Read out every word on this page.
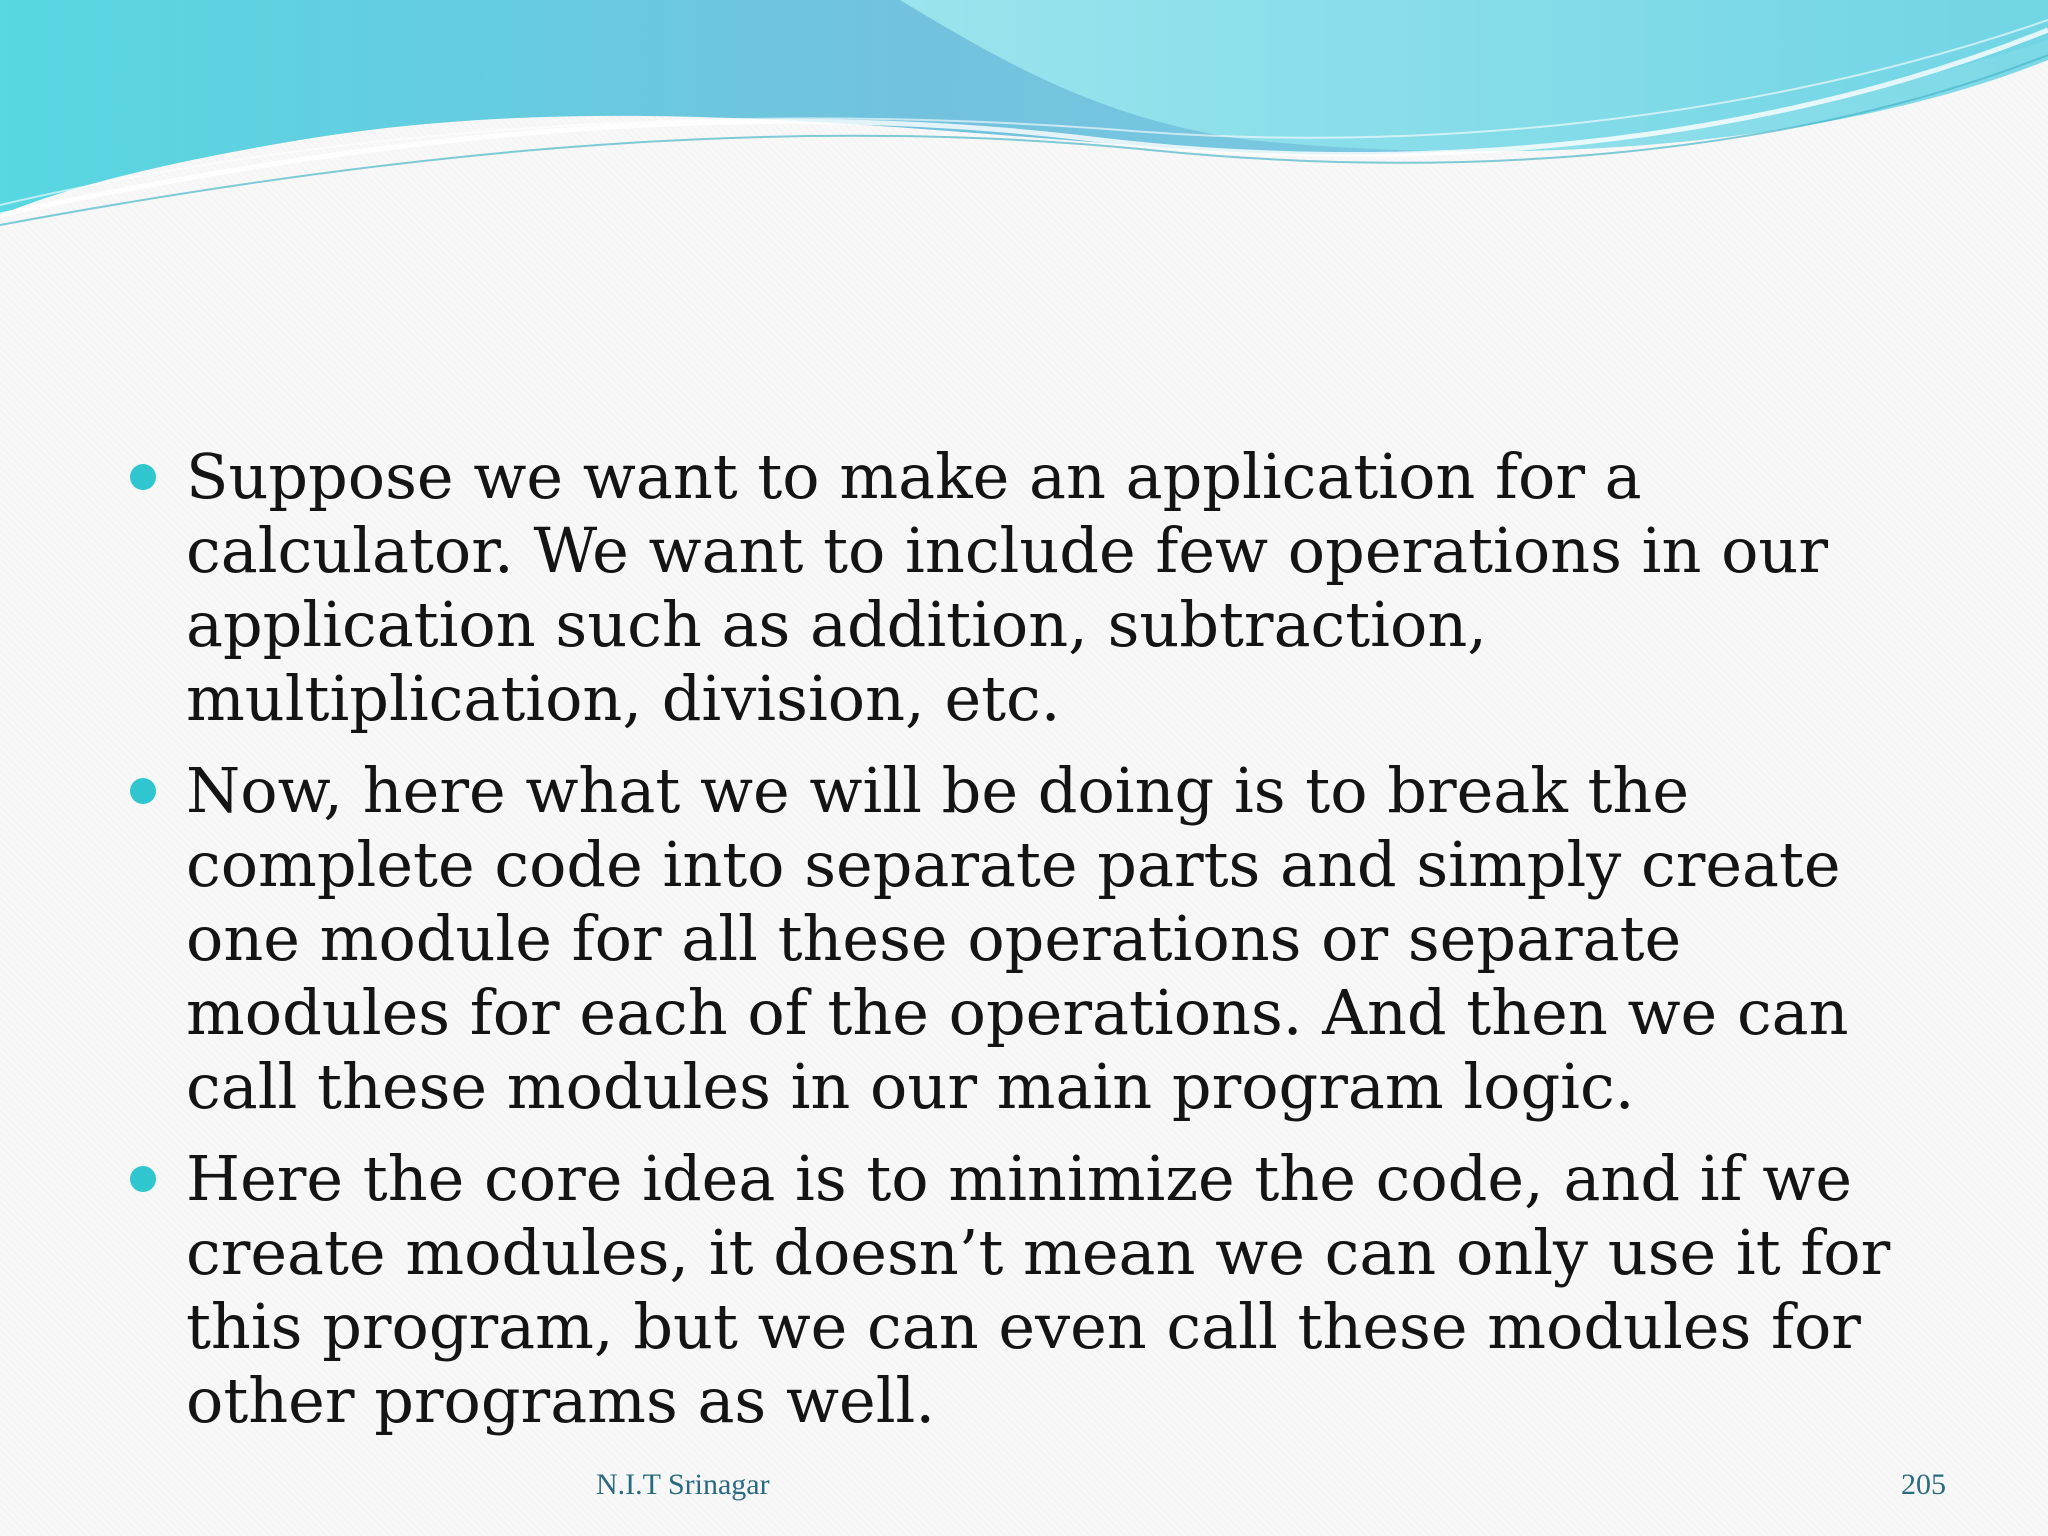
Suppose we want to make an application for a calculator. We want to include few operations in our application such as addition, subtraction, multiplication, division, etc.
Now, here what we will be doing is to break the complete code into separate parts and simply create one module for all these operations or separate modules for each of the operations. And then we can call these modules in our main program logic.
Here the core idea is to minimize the code, and if we create modules, it doesn’t mean we can only use it for this program, but we can even call these modules for other programs as well.
N.I.T Srinagar	205
